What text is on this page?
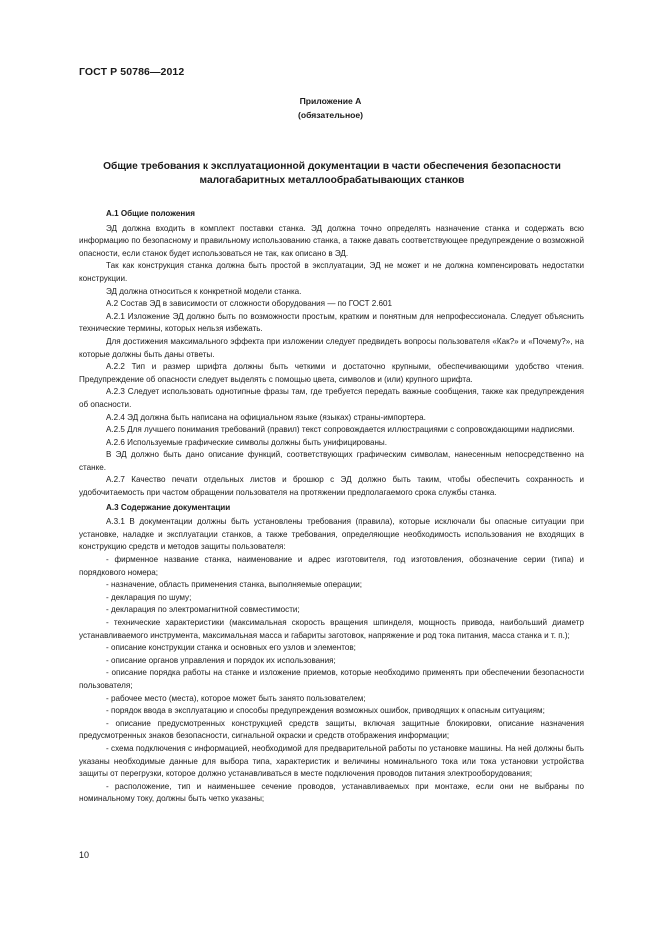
ГОСТ Р 50786—2012
Приложение А
(обязательное)
Общие требования к эксплуатационной документации в части обеспечения безопасности
малогабаритных металлообрабатывающих станков

А.1 Общие положения

ЭД должна входить в комплект поставки станка. ЭД должна точно определять назначение станка и содержать всю информацию по безопасному и правильному использованию станка, а также давать соответствующее предупреждение о возможной опасности, если станок будет использоваться не так, как описано в ЭД.

Так как конструкция станка должна быть простой в эксплуатации, ЭД не может и не должна компенсировать недостатки конструкции.

ЭД должна относиться к конкретной модели станка.

А.2 Состав ЭД в зависимости от сложности оборудования — по ГОСТ 2.601

А.2.1 Изложение ЭД должно быть по возможности простым, кратким и понятным для непрофессионала. Следует объяснить технические термины, которых нельзя избежать.

Для достижения максимального эффекта при изложении следует предвидеть вопросы пользователя «Как?» и «Почему?», на которые должны быть даны ответы.

А.2.2 Тип и размер шрифта должны быть четкими и достаточно крупными, обеспечивающими удобство чтения. Предупреждение об опасности следует выделять с помощью цвета, символов и (или) крупного шрифта.

А.2.3 Следует использовать однотипные фразы там, где требуется передать важные сообщения, также как предупреждения об опасности.

А.2.4 ЭД должна быть написана на официальном языке (языках) страны-импортера.

А.2.5 Для лучшего понимания требований (правил) текст сопровождается иллюстрациями с сопровождающими надписями.

А.2.6 Используемые графические символы должны быть унифицированы.

В ЭД должно быть дано описание функций, соответствующих графическим символам, нанесенным непосредственно на станке.

А.2.7 Качество печати отдельных листов и брошюр с ЭД должно быть таким, чтобы обеспечить сохранность и удобочитаемость при частом обращении пользователя на протяжении предполагаемого срока службы станка.

А.3 Содержание документации

А.3.1 В документации должны быть установлены требования (правила), которые исключали бы опасные ситуации при установке, наладке и эксплуатации станков, а также требования, определяющие необходимость использования не входящих в конструкцию средств и методов защиты пользователя:

- фирменное название станка, наименование и адрес изготовителя, год изготовления, обозначение серии (типа) и порядкового номера;

- назначение, область применения станка, выполняемые операции;

- декларация по шуму;

- декларация по электромагнитной совместимости;

- технические характеристики (максимальная скорость вращения шпинделя, мощность привода, наибольший диаметр устанавливаемого инструмента, максимальная масса и габариты заготовок, напряжение и род тока питания, масса станка и т. п.);

- описание конструкции станка и основных его узлов и элементов;

- описание органов управления и порядок их использования;

- описание порядка работы на станке и изложение приемов, которые необходимо применять при обеспечении безопасности пользователя;

- рабочее место (места), которое может быть занято пользователем;

- порядок ввода в эксплуатацию и способы предупреждения возможных ошибок, приводящих к опасным ситуациям;

- описание предусмотренных конструкцией средств защиты, включая защитные блокировки, описание назначения предусмотренных знаков безопасности, сигнальной окраски и средств отображения информации;

- схема подключения с информацией, необходимой для предварительной работы по установке машины. На ней должны быть указаны необходимые данные для выбора типа, характеристик и величины номинального тока или тока установки устройства защиты от перегрузки, которое должно устанавливаться в месте подключения проводов питания электрооборудования;

- расположение, тип и наименьшее сечение проводов, устанавливаемых при монтаже, если они не выбраны по номинальному току, должны быть четко указаны;

10
